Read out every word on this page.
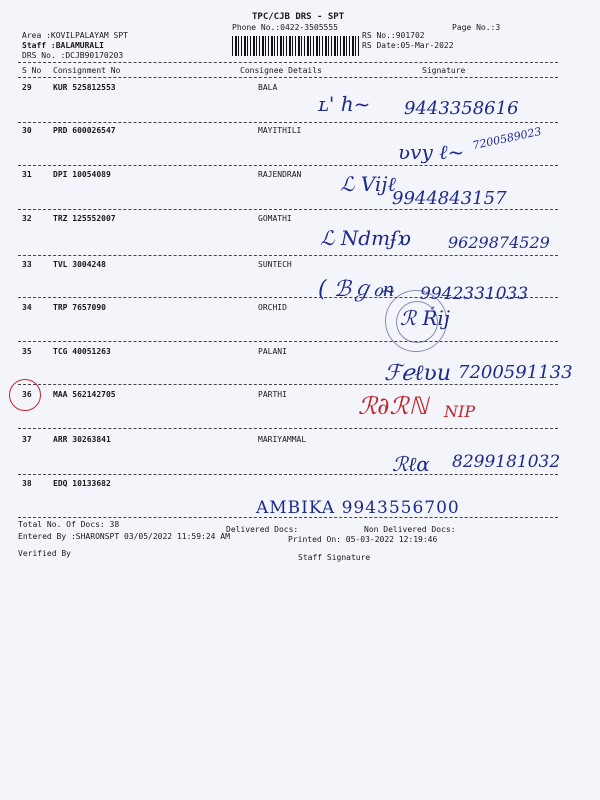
TPC/CJB DRS - SPT
Phone No.:0422-3505555	Page No.:3
Area :KOVILPALAYAM SPT
Staff :BALAMURALI
DRS No. :DCJB90170203
RS No.:901702
RS Date:05-Mar-2022
S No Consignment No	Consignee Details	Signature
29	KUR 525812553	BALA
ʟ' ℎ~ 9443358616
30	PRD 600026547	MAYITHILI
ʋvy ℓ~ 7200589023
31	DPI 10054089	RAJENDRAN ℒ Vijℓ
9944843157
32	TRZ 125552007	GOMATHI
ℒ Ndmʄɒ 9629874529
33	TVL 3004248	SUNTECH
( ℬℊℴᵰ 9942331033
34	TRP 7657090	ORCHID	ℛ Ŕij
35	TCG 40051263	PALANI
ℱℯℓʋu 7200591133
36	MAA 562142705	PARTHI	ℛ∂ℛℕ NIP
37	ARR 30263841	MARIYAMMAL
ℛℓα 8299181032
38	EDQ 10133682
AMBIKA 9943556700
Total No. Of Docs: 38
Delivered Docs:	Non Delivered Docs:
Entered By :SHARONSPT 03/05/2022 11:59:24 AM	Printed On: 05-03-2022 12:19:46
Verified By	Staff Signature
